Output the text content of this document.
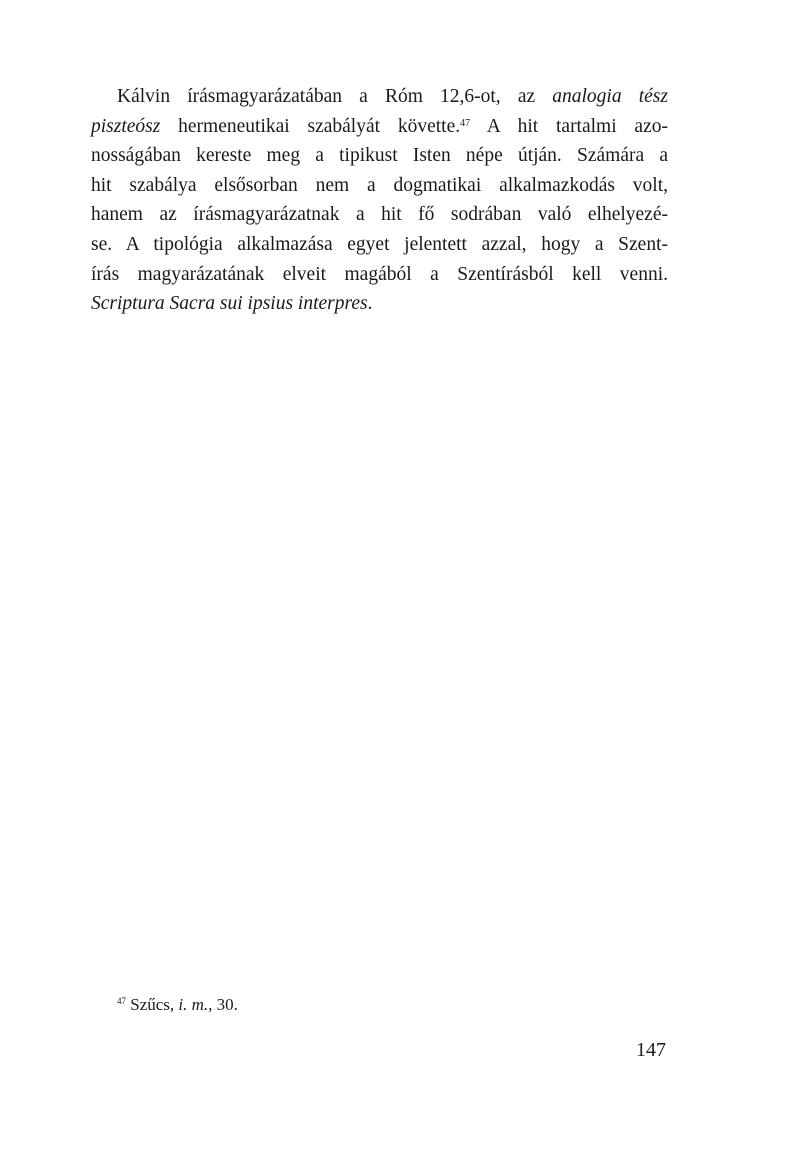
Kálvin írásmagyarázatában a Róm 12,6-ot, az analogia tész
piszteósz hermeneutikai szabályát követte.$^{47}$ A hit tartalmi azo-
nosságában kereste meg a tipikust Isten népe útján. Számára a
hit szabálya elsősorban nem a dogmatikai alkalmazkodás volt,
hanem az írásmagyarázatnak a hit fő sodrában való elhelyezé-
se. A tipológia alkalmazása egyet jelentett azzal, hogy a Szent-
írás magyarázatának elveit magából a Szentírásból kell venni.
Scriptura Sacra sui ipsius interpres.

$^{47}$ Szűcs, i. m., 30.
147
